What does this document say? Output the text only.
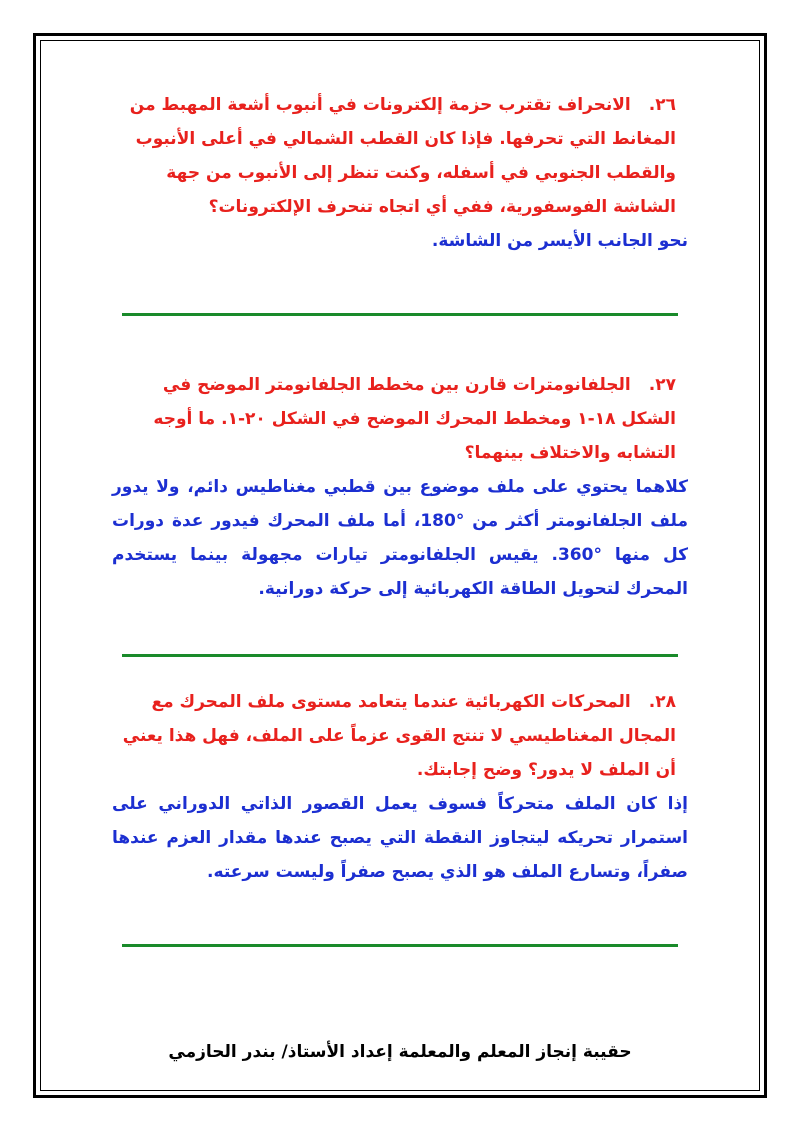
٢٦.الانحراف تقترب حزمة إلكترونات في أنبوب أشعة المهبط من المغانط التي تحرفها. فإذا كان القطب الشمالي في أعلى الأنبوب والقطب الجنوبي في أسفله، وكنت تنظر إلى الأنبوب من جهة الشاشة الفوسفورية، ففي أي اتجاه تنحرف الإلكترونات؟

نحو الجانب الأيسر من الشاشة.

٢٧.الجلفانومترات قارن بين مخطط الجلفانومتر الموضح في الشكل ١٨-١ ومخطط المحرك الموضح في الشكل ٢٠-١. ما أوجه التشابه والاختلاف بينهما؟

كلاهما يحتوي على ملف موضوع بين قطبي مغناطيس دائم، ولا يدور ملف الجلفانومتر أكثر من °180، أما ملف المحرك فيدور عدة دورات كل منها °360. يقيس الجلفانومتر تيارات مجهولة بينما يستخدم المحرك لتحويل الطاقة الكهربائية إلى حركة دورانية.

٢٨.المحركات الكهربائية عندما يتعامد مستوى ملف المحرك مع المجال المغناطيسي لا تنتج القوى عزماً على الملف، فهل هذا يعني أن الملف لا يدور؟ وضح إجابتك.

إذا كان الملف متحركاً فسوف يعمل القصور الذاتي الدوراني على استمرار تحريكه ليتجاوز النقطة التي يصبح عندها مقدار العزم عندها صفراً، وتسارع الملف هو الذي يصبح صفراً وليست سرعته.

حقيبة إنجاز المعلم والمعلمة إعداد الأستاذ/ بندر الحازمي
